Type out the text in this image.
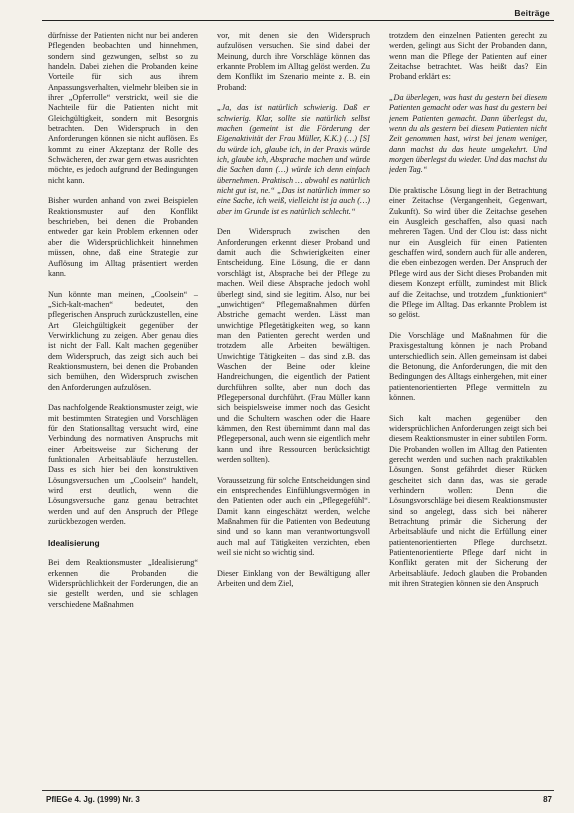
Beiträge

dürfnisse der Patienten nicht nur bei anderen Pflegenden beobachten und hinnehmen, sondern sind gezwungen, selbst so zu handeln. Dabei ziehen die Probanden keine Vorteile für sich aus ihrem Anpassungsverhalten, vielmehr bleiben sie in ihrer „Opferrolle“ verstrickt, weil sie die Nachteile für die Patienten nicht mit Gleichgültigkeit, sondern mit Besorgnis betrachten. Den Widerspruch in den Anforderungen können sie nicht auflösen. Es kommt zu einer Akzeptanz der Rolle des Schwächeren, der zwar gern etwas ausrichten möchte, es jedoch aufgrund der Bedingungen nicht kann.

Bisher wurden anhand von zwei Beispielen Reaktionsmuster auf den Konflikt beschrieben, bei denen die Probanden entweder gar kein Problem erkennen oder aber die Widersprüchlichkeit hinnehmen müssen, ohne, daß eine Strategie zur Auflösung im Alltag präsentiert werden kann.

Nun könnte man meinen, „Coolsein“ – „Sich-kalt-machen“ bedeutet, den pflegerischen Anspruch zurückzustellen, eine Art Gleichgültigkeit gegenüber der Verwirklichung zu zeigen. Aber genau dies ist nicht der Fall. Kalt machen gegenüber dem Widerspruch, das zeigt sich auch bei Reaktionsmustern, bei denen die Probanden sich bemühen, den Widerspruch zwischen den Anforderungen aufzulösen.

Das nachfolgende Reaktionsmuster zeigt, wie mit bestimmten Strategien und Vorschlägen für den Stationsalltag versucht wird, eine Verbindung des normativen Anspruchs mit einer Arbeitsweise zur Sicherung der funktionalen Arbeitsabläufe herzustellen. Dass es sich hier bei den konstruktiven Lösungsversuchen um „Coolsein“ handelt, wird erst deutlich, wenn die Lösungsversuche ganz genau betrachtet werden und auf den Anspruch der Pflege zurückbezogen werden.

Idealisierung

Bei dem Reaktionsmuster „Idealisierung“ erkennen die Probanden die Widersprüchlichkeit der Forderungen, die an sie gestellt werden, und sie schlagen verschiedene Maßnahmen

vor, mit denen sie den Widerspruch aufzulösen versuchen. Sie sind dabei der Meinung, durch ihre Vorschläge können das erkannte Problem im Alltag gelöst werden. Zu dem Konflikt im Szenario meinte z. B. ein Proband:

„Ja, das ist natürlich schwierig. Daß er schwierig. Klar, sollte sie natürlich selbst machen (gemeint ist die Förderung der Eigenaktivität der Frau Müller, K.K.) (…) [S] du würde ich, glaube ich, in der Praxis würde ich, glaube ich, Absprache machen und würde die Sachen dann (…) würde ich denn einfach übernehmen. Praktisch … abwohl es natürlich nicht gut ist, ne.“ „Das ist natürlich immer so eine Sache, ich weiß, vielleicht ist ja auch (…) aber im Grunde ist es natürlich schlecht.“

Den Widerspruch zwischen den Anforderungen erkennt dieser Proband und damit auch die Schwierigkeiten einer Entscheidung. Eine Lösung, die er dann vorschlägt ist, Absprache bei der Pflege zu machen. Weil diese Absprache jedoch wohl überlegt sind, sind sie legitim. Also, nur bei „unwichtigen“ Pflegemaßnahmen dürfen Abstriche gemacht werden. Lässt man unwichtige Pflegetätigkeiten weg, so kann man den Patienten gerecht werden und trotzdem alle Arbeiten bewältigen. Unwichtige Tätigkeiten – das sind z.B. das Waschen der Beine oder kleine Handreichungen, die eigentlich der Patient durchführen sollte, aber nun doch das Pflegepersonal durchführt. (Frau Müller kann sich beispielsweise immer noch das Gesicht und die Schultern waschen oder die Haare kämmen, den Rest übernimmt dann mal das Pflegepersonal, auch wenn sie eigentlich mehr kann und ihre Ressourcen berücksichtigt werden sollten).

Voraussetzung für solche Entscheidungen sind ein entsprechendes Einfühlungsvermögen in den Patienten oder auch ein „Pflegegefühl“. Damit kann eingeschätzt werden, welche Maßnahmen für die Patienten von Bedeutung sind und so kann man verantwortungsvoll auch mal auf Tätigkeiten verzichten, eben weil sie nicht so wichtig sind.

Dieser Einklang von der Bewältigung aller Arbeiten und dem Ziel,

trotzdem den einzelnen Patienten gerecht zu werden, gelingt aus Sicht der Probanden dann, wenn man die Pflege der Patienten auf einer Zeitachse betrachtet. Was heißt das? Ein Proband erklärt es:

„Da überlegen, was hast du gestern bei diesem Patienten gemacht oder was hast du gestern bei jenem Patienten gemacht. Dann überlegst du, wenn du als gestern bei diesem Patienten nicht Zeit genommen hast, wirst bei jenem weniger, dann machst du das heute umgekehrt. Und morgen überlegst du wieder. Und das machst du jeden Tag.“

Die praktische Lösung liegt in der Betrachtung einer Zeitachse (Vergangenheit, Gegenwart, Zukunft). So wird über die Zeitachse gesehen ein Ausgleich geschaffen, also quasi nach mehreren Tagen. Und der Clou ist: dass nicht nur ein Ausgleich für einen Patienten geschaffen wird, sondern auch für alle anderen, die eben einbezogen werden. Der Anspruch der Pflege wird aus der Sicht dieses Probanden mit diesem Konzept erfüllt, zumindest mit Blick auf die Zeitachse, und trotzdem „funktioniert“ die Pflege im Alltag. Das erkannte Problem ist so gelöst.

Die Vorschläge und Maßnahmen für die Praxisgestaltung können je nach Proband unterschiedlich sein. Allen gemeinsam ist dabei die Betonung, die Anforderungen, die mit den Bedingungen des Alltags einhergehen, mit einer patientenorientierten Pflege vermitteln zu können.

Sich kalt machen gegenüber den widersprüchlichen Anforderungen zeigt sich bei diesem Reaktionsmuster in einer subtilen Form. Die Probanden wollen im Alltag den Patienten gerecht werden und suchen nach praktikablen Lösungen. Sonst gefährdet dieser Rücken gescheitet sich dann das, was sie gerade verhindern wollen: Denn die Lösungsvorschläge bei diesem Reaktionsmuster sind so angelegt, dass sich bei näherer Betrachtung primär die Sicherung der Arbeitsabläufe und nicht die Erfüllung einer patientenorientierten Pflege durchsetzt. Patientenorientierte Pflege darf nicht in Konflikt geraten mit der Sicherung der Arbeitsabläufe. Jedoch glauben die Probanden mit ihren Strategien können sie den Anspruch

PflEGe 4. Jg. (1999) Nr. 3	87
